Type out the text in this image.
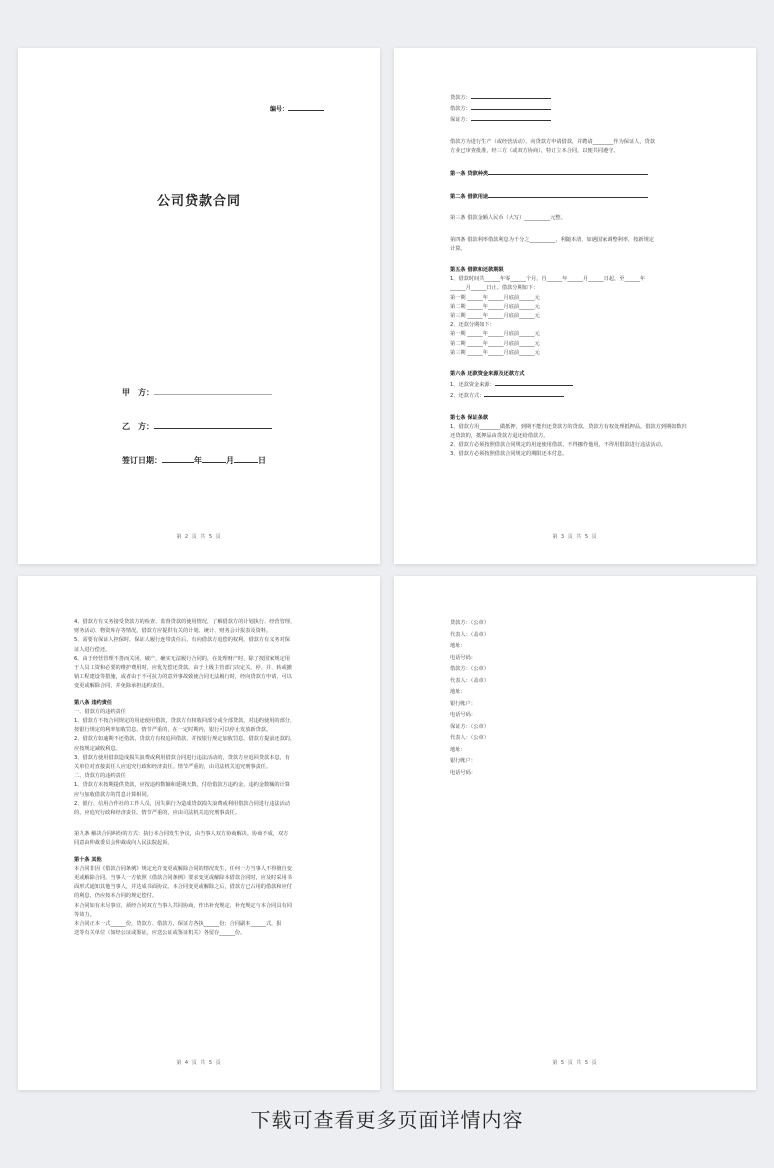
编号：
公司贷款合同
甲　方：
乙　方：
签订日期：	年	月	日
第 2 页 共 5 页
贷款方：
借款方：
保证方：
借款方为进行生产（或经营活动），向贷款方申请借款，并聘请________作为保证人，贷款
方业已审查批准，经三方（或双方协商），特订立本合同，以便共同遵守。
第一条 贷款种类
第二条 借款用途
第三条 借款金额人民币（大写）__________元整。
第四条 借款利率借款利息为千分之__________，利随本清，如遇国家调整利率，按新规定
计算。
第五条 借款和还款期限
1、借款时间共______年零______个月，自______年______月______日起，至______年
______月______日止。借款分期如下：
第一期 ______年______月底前______元
第二期 ______年______月底前______元
第三期 ______年______月底前______元
2、还款分期如下：
第一期 ______年______月底前______元
第二期 ______年______月底前______元
第三期 ______年______月底前______元
第六条 还款资金来源及还款方式
1、还款资金来源：
2、还款方式：
第七条 保证条款
1、借款方用________做抵押，到期不能归还贷款方的贷款，贷款方有权处理抵押品。借款方到期如数归
还贷款的，抵押品由贷款方退还给借款方。
2、借款方必须按照借款合同规定的用途使用借款，不得挪作他用，不得用借款进行违法活动。
3、借款方必须按照借款合同规定的期限还本付息。
第 3 页 共 5 页
4、借款方有义务接受贷款方的检查、监督贷款的使用情况，了解借款方的计划执行、经营管理、
财务活动、物资库存等情况。借款方应提供有关的计划、统计、财务会计报表及资料。
5、需要有保证人担保时，保证人履行连带责任后，有向借款方追偿的权利，借款方有义务对保
证人进行偿还。
6、由于经营管理不善而关闭、破产，确实无法履行合同的，在处理财产时，除了按国家规定用
于人员工资和必要的维护费用时，应优先偿还贷款。由于上级主管部门决定关、停、并、转或撤
销工程建设等措施，或者由于不可抗力的意外事故致使合同无法履行时，经向贷款方申请，可以
变更或解除合同，并免除承担违约责任。
第八条 违约责任
一、借款方的违约责任
1、借款方不按合同规定的用途使用借款，贷款方有权收回部分或全部贷款，对违约使用的部分，
按银行规定的利率加收罚息。情节严重的，在一定时期内，银行可以停止发放新贷款。
2、借款方如逾期不还借款，贷款方有权追回借款，并按银行规定加收罚息。借款方提前还款的，
应按规定减收利息。
3、借款方使用借款造成损失浪费或利用借款合同进行违法活动的，贷款方应追回贷款本息，有
关单位对直接责任人应追究行政和经济责任。情节严重的，由司法机关追究刑事责任。
二、贷款方的违约责任
1、贷款方未按期提供贷款，应按违约数额和延期天数，付给借款方违约金。违约金数额的计算
应与加收借款方的罚息计算相同。
2、银行、信用合作社的工作人员，因失职行为造成贷款损失浪费或利用借款合同进行违法活动
的，应追究行政和经济责任。情节严重的，应由司法机关追究刑事责任。
第九条 解决合同纠纷的方式：执行本合同发生争议，由当事人双方协商解决。协商不成，双方
同意由仲裁委员会仲裁或向人民法院起诉。
第十条 其他
本合同非因《借款合同条例》规定允许变更或解除合同的情况发生，任何一方当事人不得擅自变
更或解除合同。当事人一方依照《借款合同条例》要求变更或解除本借款合同时，应及时采用书
面形式通知其他当事人，并达成书面协议。本合同变更或解除之后，借款方已占用的借款和应付
的利息，仍应按本合同的规定偿付。
本合同如有未尽事宜，须经合同双方当事人共同协商，作出补充规定，补充规定与本合同具有同
等效力。
本合同正本一式______份，贷款方、借款方、保证方各执______份；合同副本______式，报
送等有关单位（如经公证或鉴证，应送公证或鉴证机关）各留存______份。
第 4 页 共 5 页
贷款方：（公章）
代表人：（盖章）
地址：
电话号码：
借款方：（公章）
代表人：（盖章）
地址：
银行帐户：
电话号码：
保证方：（公章）
代表人：（公章）
地址：
银行帐户：
电话号码：
第 5 页 共 5 页
下载可查看更多页面详情内容
